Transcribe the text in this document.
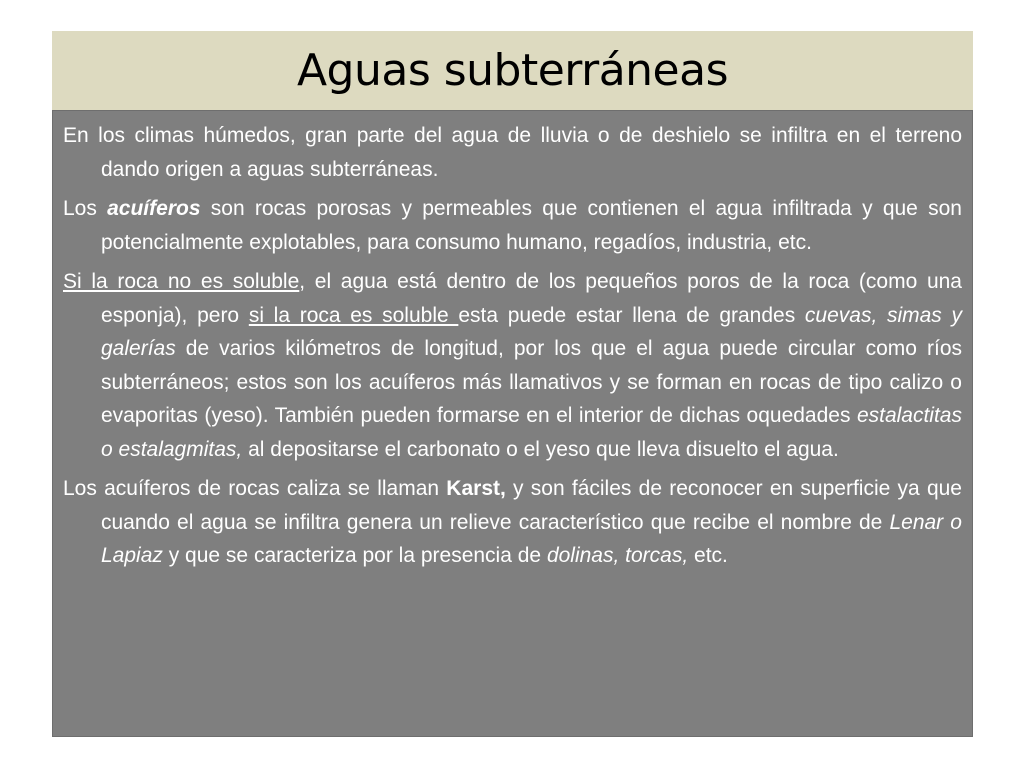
Aguas subterráneas

En los climas húmedos, gran parte del agua de lluvia o de deshielo se infiltra en el terreno dando origen a aguas subterráneas.

Los acuíferos son rocas porosas y permeables que contienen el agua infiltrada y que son potencialmente explotables, para consumo humano, regadíos, industria, etc.

Si la roca no es soluble, el agua está dentro de los pequeños poros de la roca (como una esponja), pero si la roca es soluble esta puede estar llena de grandes cuevas, simas y galerías de varios kilómetros de longitud, por los que el agua puede circular como ríos subterráneos; estos son los acuíferos más llamativos y se forman en rocas de tipo calizo o evaporitas (yeso). También pueden formarse en el interior de dichas oquedades estalactitas o estalagmitas, al depositarse el carbonato o el yeso que lleva disuelto el agua.

Los acuíferos de rocas caliza se llaman Karst, y son fáciles de reconocer en superficie ya que cuando el agua se infiltra genera un relieve característico que recibe el nombre de Lenar o Lapiaz y que se caracteriza por la presencia de dolinas, torcas, etc.
